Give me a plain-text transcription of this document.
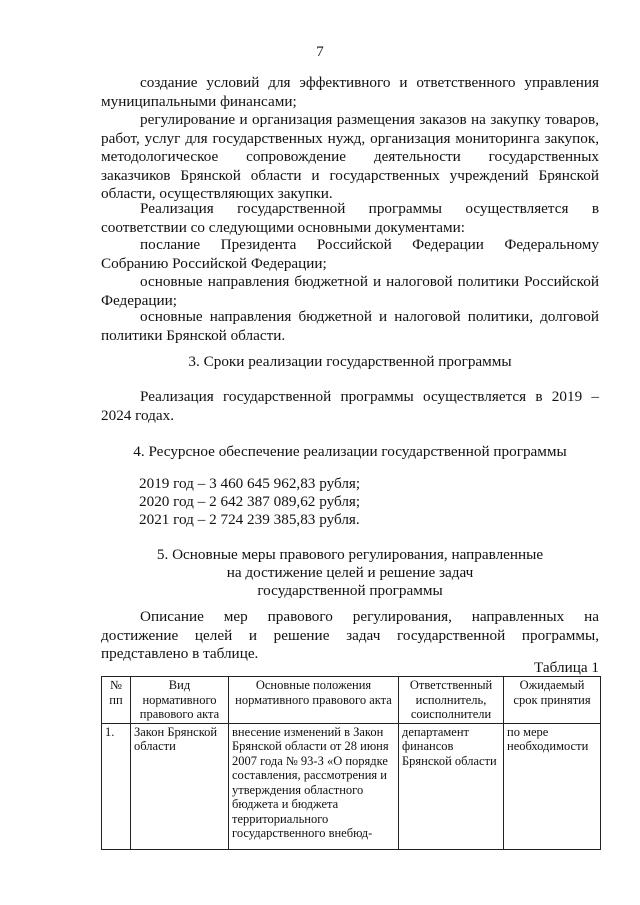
7
создание условий для эффективного и ответственного управления муниципальными финансами;
регулирование и организация размещения заказов на закупку товаров, работ, услуг для государственных нужд, организация мониторинга закупок, методологическое сопровождение деятельности государственных заказчиков Брянской области и государственных учреждений Брянской области, осуществляющих закупки.
Реализация государственной программы осуществляется в соответствии со следующими основными документами:
послание Президента Российской Федерации Федеральному Собранию Российской Федерации;
основные направления бюджетной и налоговой политики Российской Федерации;
основные направления бюджетной и налоговой политики, долговой политики Брянской области.
3. Сроки реализации государственной программы
Реализация государственной программы осуществляется в 2019 – 2024 годах.
4. Ресурсное обеспечение реализации государственной программы
2019 год – 3 460 645 962,83 рубля;
2020 год – 2 642 387 089,62 рубля;
2021 год – 2 724 239 385,83 рубля.
5. Основные меры правового регулирования, направленные
на достижение целей и решение задач
государственной программы
Описание мер правового регулирования, направленных на достижение целей и решение задач государственной программы, представлено в таблице.
Таблица 1
№ пп	Вид нормативного правового акта	Основные положения нормативного правового акта	Ответственный исполнитель, соисполнители	Ожидаемый срок принятия
1.	Закон Брянской области	внесение изменений в Закон Брянской области от 28 июня 2007 года № 93-З «О порядке составления, рассмотрения и утверждения областного бюджета и бюджета территориального государственного внебюд-	департамент финансов Брянской области	по мере необходимости
